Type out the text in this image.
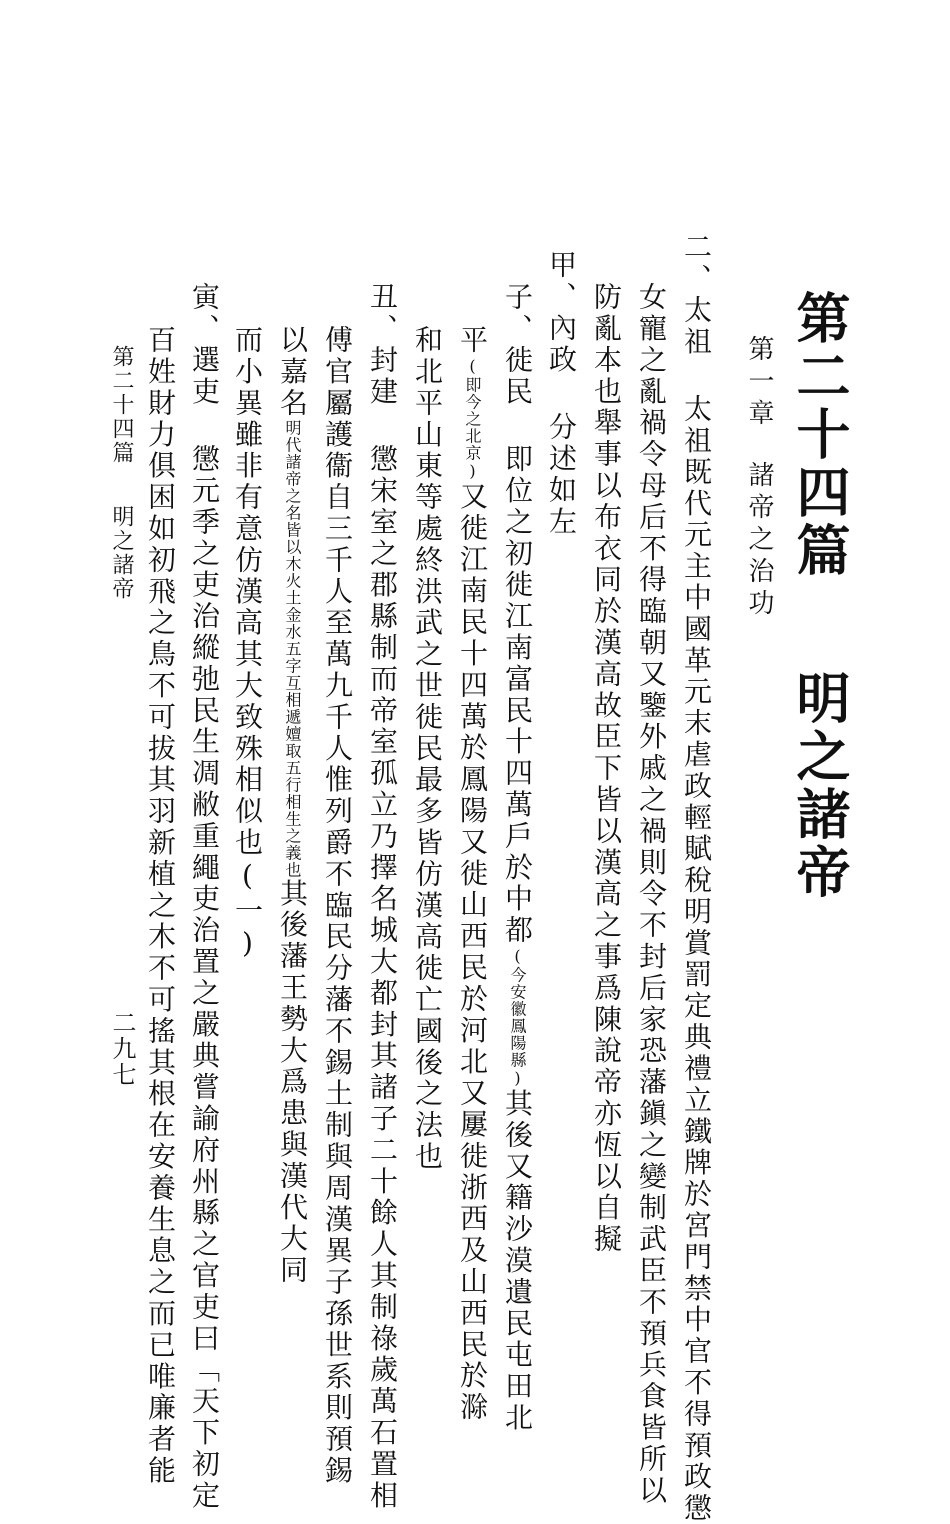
第二十四篇明之諸帝
第一章諸帝之治功
二、太祖 太祖既代元主中國革元末虐政輕賦稅明賞罰定典禮立鐵牌於宮門禁中官不得預政懲
女寵之亂禍令母后不得臨朝又鑒外戚之禍則令不封后家恐藩鎭之變制武臣不預兵食皆所以
防亂本也舉事以布衣同於漢高故臣下皆以漢高之事爲陳說帝亦恆以自擬
甲、內政 分述如左
子、徙民 即位之初徙江南富民十四萬戶於中都(今安徽鳳陽縣)其後又籍沙漠遺民屯田北
平(即今之北京)又徙江南民十四萬於鳳陽又徙山西民於河北又屢徙浙西及山西民於滁
和北平山東等處終洪武之世徙民最多皆仿漢高徙亡國後之法也
丑、封建 懲宋室之郡縣制而帝室孤立乃擇名城大都封其諸子二十餘人其制祿歲萬石置相
傅官屬護衞自三千人至萬九千人惟列爵不臨民分藩不錫土制與周漢異子孫世系則預錫
以嘉名明代諸帝之名皆以木火土金水五字互相遞嬗取五行相生之義也其後藩王勢大爲患與漢代大同
而小異雖非有意仿漢高其大致殊相似也(一)
寅、選吏 懲元季之吏治縱弛民生凋敝重繩吏治置之嚴典嘗諭府州縣之官吏曰「天下初定
百姓財力俱困如初飛之鳥不可拔其羽新植之木不可搖其根在安養生息之而已唯廉者能
第二十四篇明之諸帝
二九七
